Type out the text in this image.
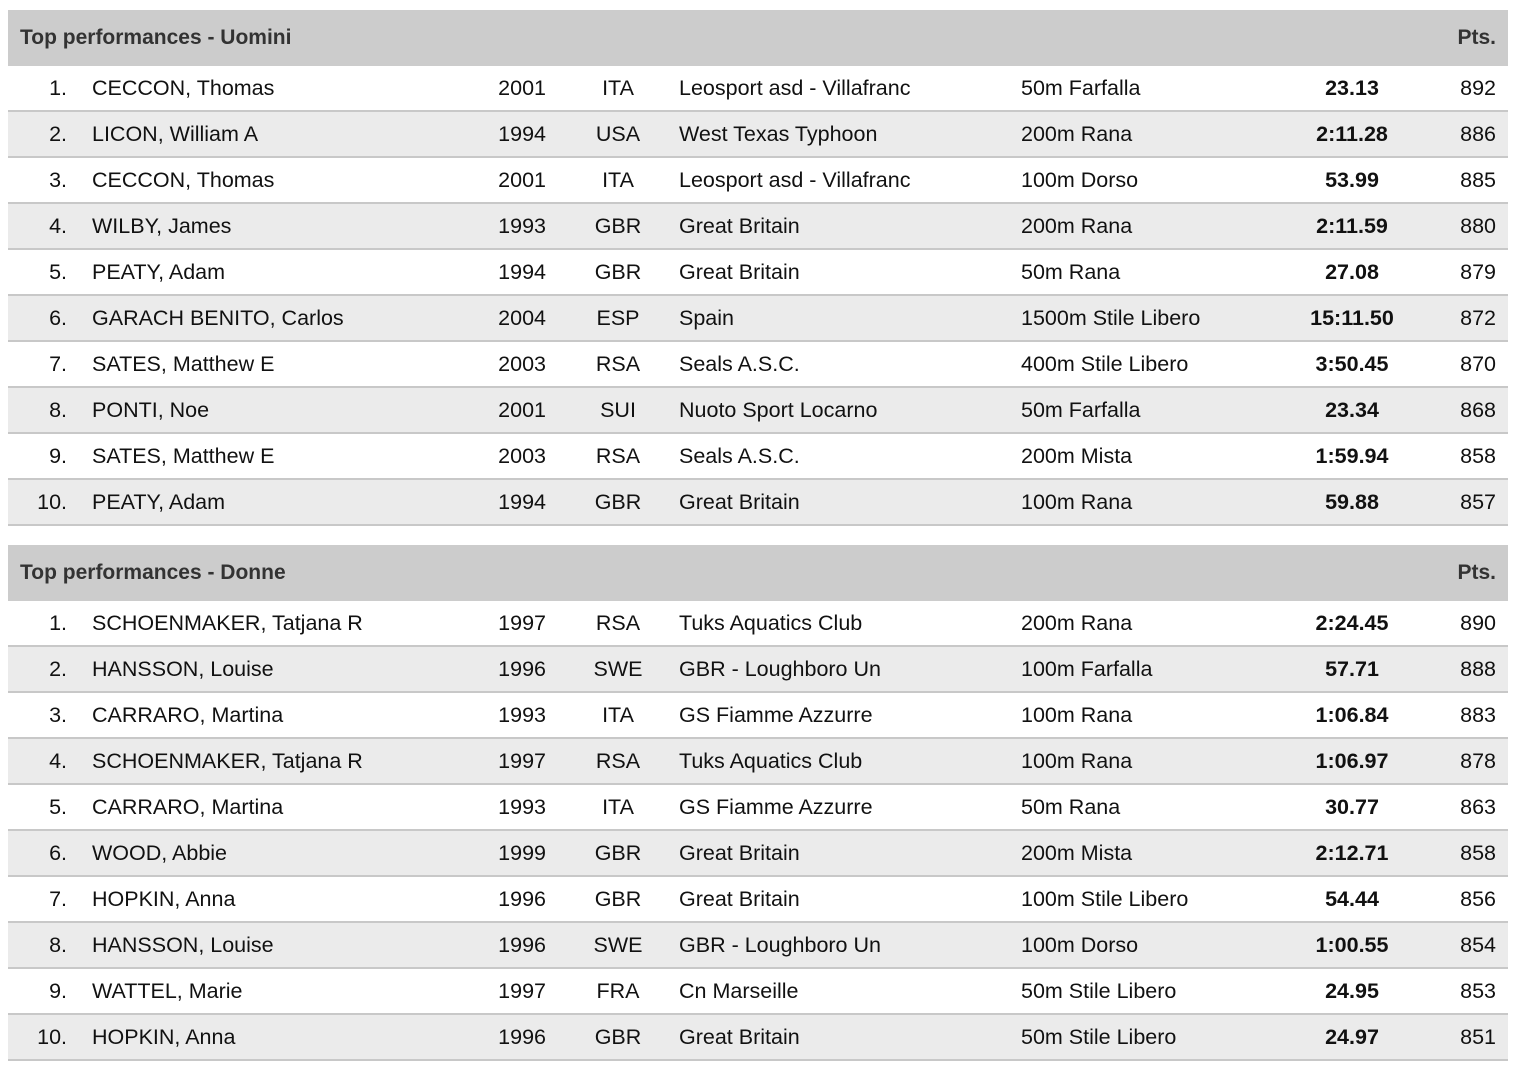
Top performances - Uomini	Pts.
1. CECCON, Thomas	2001	ITA	Leosport asd - Villafranc	50m Farfalla	23.13	892
2. LICON, William A	1994	USA	West Texas Typhoon	200m Rana	2:11.28	886
3. CECCON, Thomas	2001	ITA	Leosport asd - Villafranc	100m Dorso	53.99	885
4. WILBY, James	1993	GBR	Great Britain	200m Rana	2:11.59	880
5. PEATY, Adam	1994	GBR	Great Britain	50m Rana	27.08	879
6. GARACH BENITO, Carlos	2004	ESP	Spain	1500m Stile Libero	15:11.50	872
7. SATES, Matthew E	2003	RSA	Seals A.S.C.	400m Stile Libero	3:50.45	870
8. PONTI, Noe	2001	SUI	Nuoto Sport Locarno	50m Farfalla	23.34	868
9. SATES, Matthew E	2003	RSA	Seals A.S.C.	200m Mista	1:59.94	858
10. PEATY, Adam	1994	GBR	Great Britain	100m Rana	59.88	857
Top performances - Donne	Pts.
1. SCHOENMAKER, Tatjana R	1997	RSA	Tuks Aquatics Club	200m Rana	2:24.45	890
2. HANSSON, Louise	1996	SWE	GBR - Loughboro Un	100m Farfalla	57.71	888
3. CARRARO, Martina	1993	ITA	GS Fiamme Azzurre	100m Rana	1:06.84	883
4. SCHOENMAKER, Tatjana R	1997	RSA	Tuks Aquatics Club	100m Rana	1:06.97	878
5. CARRARO, Martina	1993	ITA	GS Fiamme Azzurre	50m Rana	30.77	863
6. WOOD, Abbie	1999	GBR	Great Britain	200m Mista	2:12.71	858
7. HOPKIN, Anna	1996	GBR	Great Britain	100m Stile Libero	54.44	856
8. HANSSON, Louise	1996	SWE	GBR - Loughboro Un	100m Dorso	1:00.55	854
9. WATTEL, Marie	1997	FRA	Cn Marseille	50m Stile Libero	24.95	853
10. HOPKIN, Anna	1996	GBR	Great Britain	50m Stile Libero	24.97	851
